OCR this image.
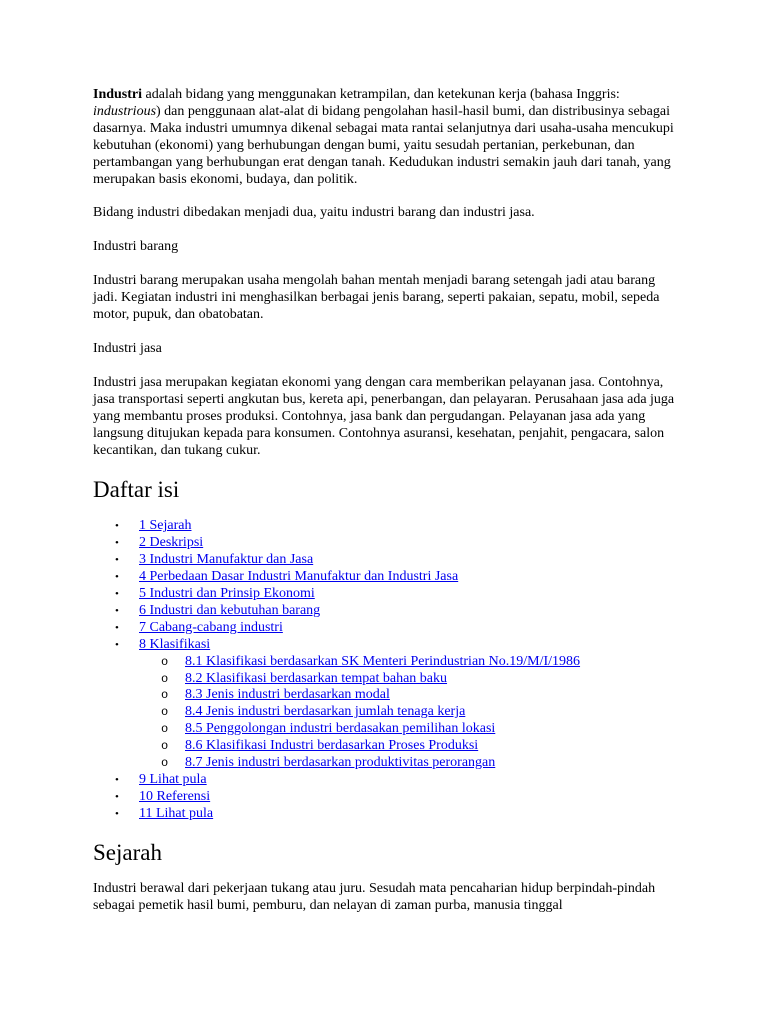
Industri adalah bidang yang menggunakan ketrampilan, dan ketekunan kerja (bahasa Inggris: industrious) dan penggunaan alat-alat di bidang pengolahan hasil-hasil bumi, dan distribusinya sebagai dasarnya. Maka industri umumnya dikenal sebagai mata rantai selanjutnya dari usaha-usaha mencukupi kebutuhan (ekonomi) yang berhubungan dengan bumi, yaitu sesudah pertanian, perkebunan, dan pertambangan yang berhubungan erat dengan tanah. Kedudukan industri semakin jauh dari tanah, yang merupakan basis ekonomi, budaya, dan politik.

Bidang industri dibedakan menjadi dua, yaitu industri barang dan industri jasa.

Industri barang

Industri barang merupakan usaha mengolah bahan mentah menjadi barang setengah jadi atau barang jadi. Kegiatan industri ini menghasilkan berbagai jenis barang, seperti pakaian, sepatu, mobil, sepeda motor, pupuk, dan obatobatan.

Industri jasa

Industri jasa merupakan kegiatan ekonomi yang dengan cara memberikan pelayanan jasa. Contohnya, jasa transportasi seperti angkutan bus, kereta api, penerbangan, dan pelayaran. Perusahaan jasa ada juga yang membantu proses produksi. Contohnya, jasa bank dan pergudangan. Pelayanan jasa ada yang langsung ditujukan kepada para konsumen. Contohnya asuransi, kesehatan, penjahit, pengacara, salon kecantikan, dan tukang cukur.

Daftar isi
• 1 Sejarah
• 2 Deskripsi
• 3 Industri Manufaktur dan Jasa
• 4 Perbedaan Dasar Industri Manufaktur dan Industri Jasa
• 5 Industri dan Prinsip Ekonomi
• 6 Industri dan kebutuhan barang
• 7 Cabang-cabang industri
• 8 Klasifikasi
o 8.1 Klasifikasi berdasarkan SK Menteri Perindustrian No.19/M/I/1986
o 8.2 Klasifikasi berdasarkan tempat bahan baku
o 8.3 Jenis industri berdasarkan modal
o 8.4 Jenis industri berdasarkan jumlah tenaga kerja
o 8.5 Penggolongan industri berdasakan pemilihan lokasi
o 8.6 Klasifikasi Industri berdasarkan Proses Produksi
o 8.7 Jenis industri berdasarkan produktivitas perorangan
• 9 Lihat pula
• 10 Referensi
• 11 Lihat pula
Sejarah

Industri berawal dari pekerjaan tukang atau juru. Sesudah mata pencaharian hidup berpindah-pindah sebagai pemetik hasil bumi, pemburu, dan nelayan di zaman purba, manusia tinggal
